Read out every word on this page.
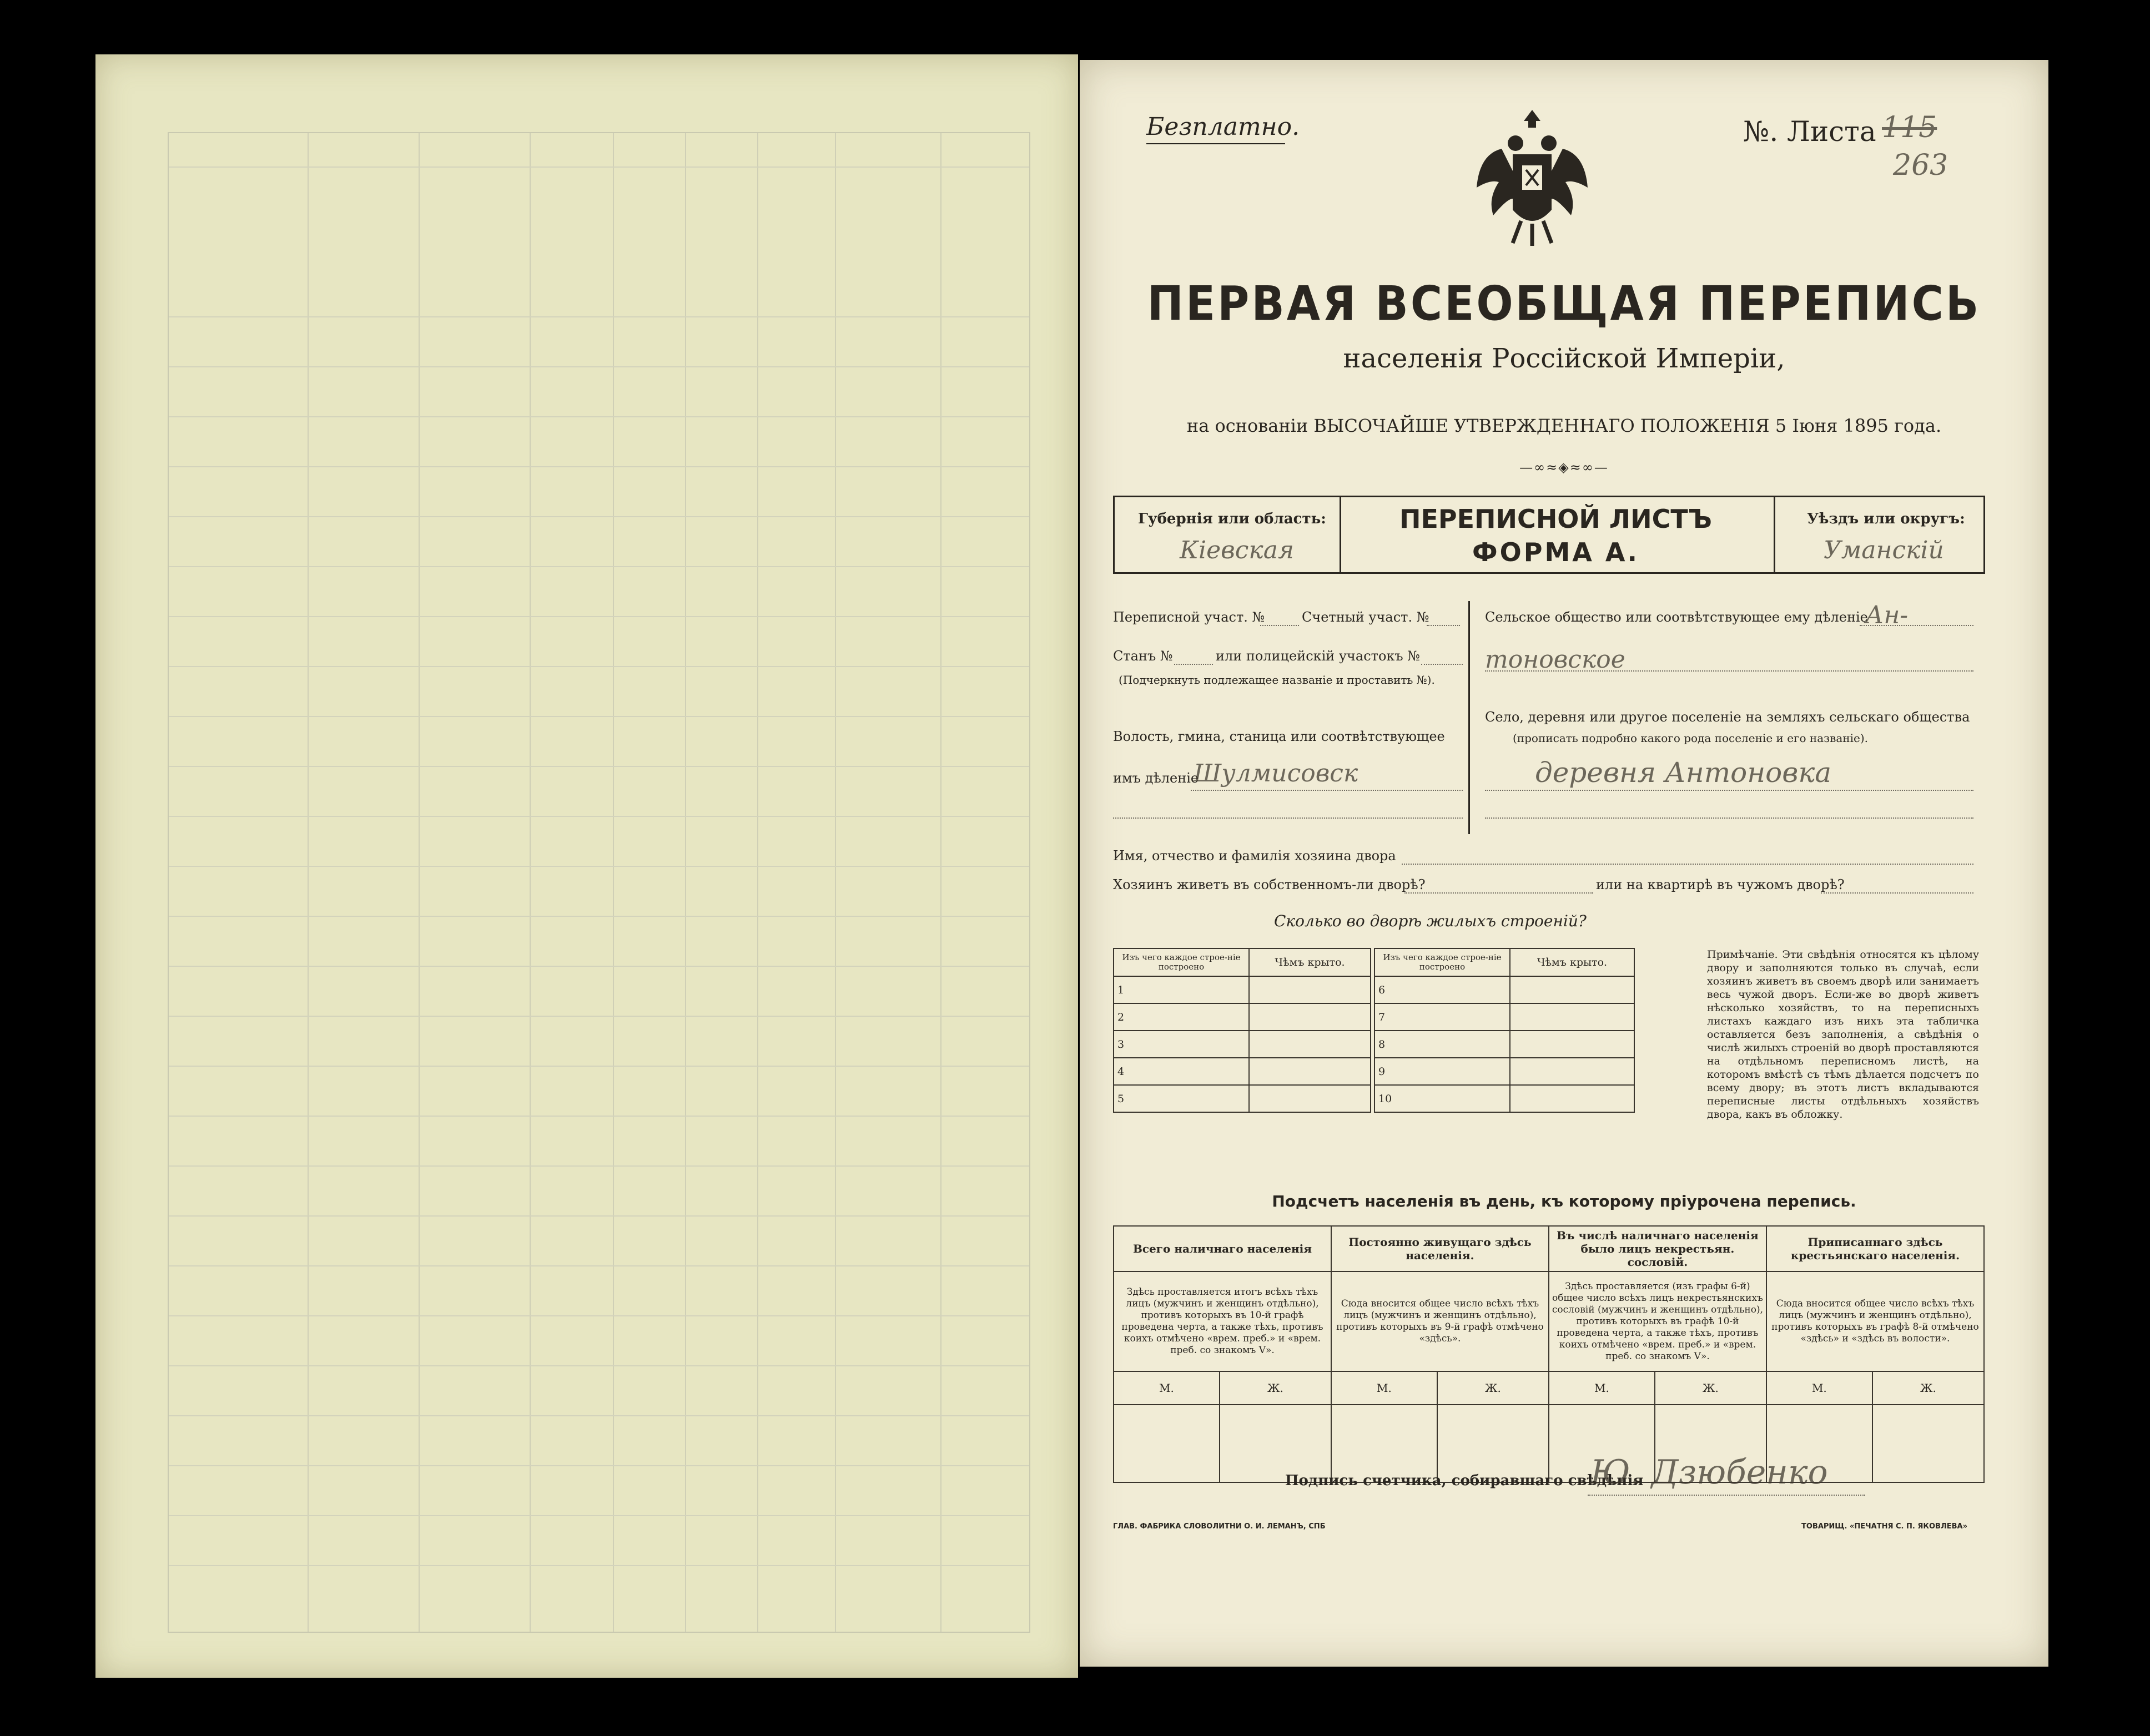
Безплатно.	№. Листа 115
263
ПЕРВАЯ ВСЕОБЩАЯ ПЕРЕПИСЬ
населенія Россійской Имперіи,
на основаніи ВЫСОЧАЙШЕ УТВЕРЖДЕННАГО ПОЛОЖЕНІЯ 5 Іюня 1895 года.
—∞≈◈≈∞—
Губернія или область:
Кіевская
ПЕРЕПИСНОЙ ЛИСТЪ
ФОРМА А.
Уѣздъ или округъ:
Уманскій
Переписной участ. №	Счетный участ. №
Станъ №	или полицейскій участокъ №
(Подчеркнуть подлежащее названіе и проставить №).
Волость, гмина, станица или соотвѣтствующее
имъ дѣленіе
Шулмисовск
Сельское общество или соотвѣтствующее ему дѣленіе
Ан-
тоновское
Село, деревня или другое поселеніе на земляхъ сельскаго общества
(прописать подробно какого рода поселеніе и его названіе).
деревня Антоновка
Имя, отчество и фамилія хозяина двора
Хозяинъ живетъ въ собственномъ-ли дворѣ?	или на квартирѣ въ чужомъ дворѣ?
Сколько во дворѣ жилыхъ строеній?
Изъ чего каждое строе-ніе построено	Чѣмъ крыто.
1	
2	
3	
4	
5	
Изъ чего каждое строе-ніе построено	Чѣмъ крыто.
6	
7	
8	
9	
10	
Примѣчаніе. Эти свѣдѣнія относятся къ цѣлому двору и заполняются только въ случаѣ, если хозяинъ живетъ въ своемъ дворѣ или занимаетъ весь чужой дворъ. Если-же во дворѣ живетъ нѣсколько хозяйствъ, то на переписныхъ листахъ каждаго изъ нихъ эта табличка оставляется безъ заполненія, а свѣдѣнія о числѣ жилыхъ строеній во дворѣ проставляются на отдѣльномъ переписномъ листѣ, на которомъ вмѣстѣ съ тѣмъ дѣлается подсчетъ по всему двору; въ этотъ листъ вкладываются переписные листы отдѣльныхъ хозяйствъ двора, какъ въ обложку.
Подсчетъ населенія въ день, къ которому пріурочена перепись.
Всего наличнаго населенія		Постоянно живущаго здѣсь населенія.		Въ числѣ наличнаго населенія было лицъ некрестьян. сословій.		Приписаннаго здѣсь крестьянскаго населенія.	
Здѣсь проставляется итогъ всѣхъ тѣхъ лицъ (мужчинъ и женщинъ отдѣльно), противъ которыхъ въ 10-й графѣ проведена черта, а также тѣхъ, противъ коихъ отмѣчено «врем. преб.» и «врем. преб. со знакомъ V».		Сюда вносится общее число всѣхъ тѣхъ лицъ (мужчинъ и женщинъ отдѣльно), противъ которыхъ въ 9-й графѣ отмѣчено «здѣсь».		Здѣсь проставляется (изъ графы 6-й) общее число всѣхъ лицъ некрестьянскихъ сословій (мужчинъ и женщинъ отдѣльно), противъ которыхъ въ графѣ 10-й проведена черта, а также тѣхъ, противъ коихъ отмѣчено «врем. преб.» и «врем. преб. со знакомъ V».		Сюда вносится общее число всѣхъ тѣхъ лицъ (мужчинъ и женщинъ отдѣльно), противъ которыхъ въ графѣ 8-й отмѣчено «здѣсь» и «здѣсь въ волости».	
М.	Ж.	М.	Ж.	М.	Ж.	М.	Ж.

Подпись счетчика, собиравшаго свѣдѣнія
Ю. Дзюбенко
ГЛАВ. ФАБРИКА СЛОВОЛИТНИ О. И. ЛЕМАНЪ, СПБ	ТОВАРИЩ. «ПЕЧАТНЯ С. П. ЯКОВЛЕВА»
